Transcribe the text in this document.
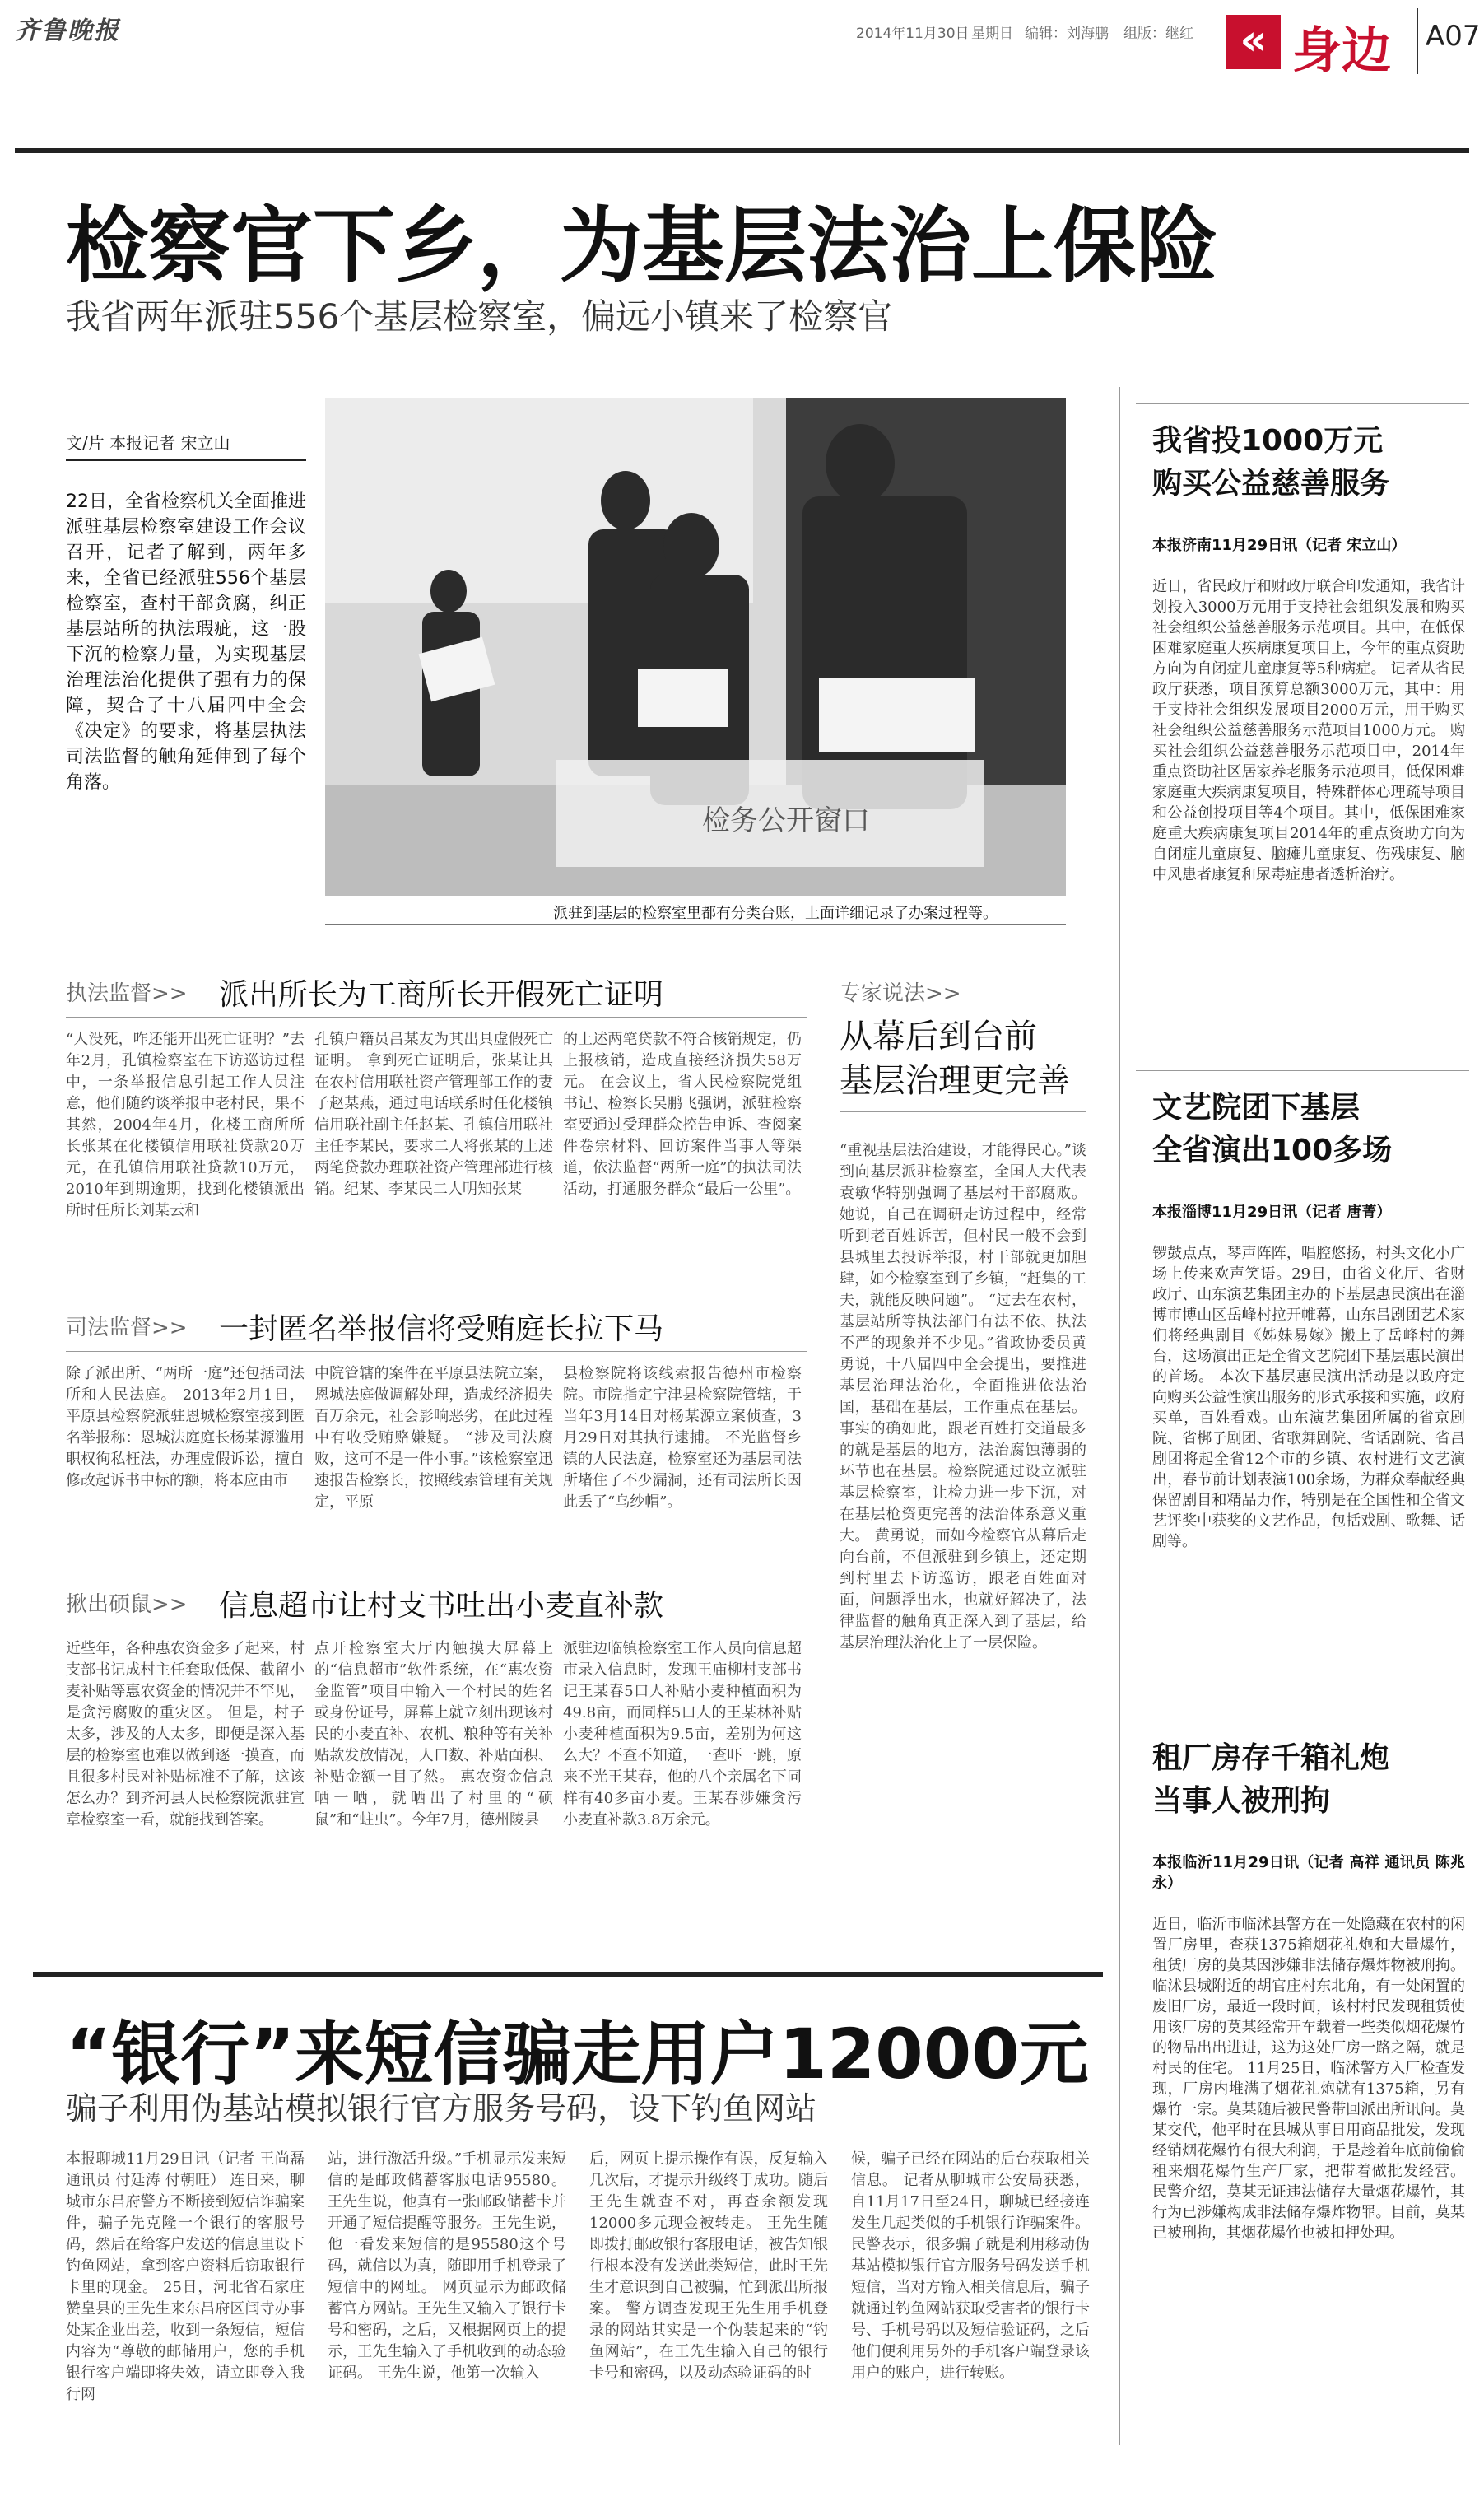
齐鲁晚报	2014年11月30日 星期日 编辑：刘海鹏 组版：继红	« 身边 A07
检察官下乡，为基层法治上保险
我省两年派驻556个基层检察室，偏远小镇来了检察官
文/片 本报记者 宋立山
22日，全省检察机关全面推进派驻基层检察室建设工作会议召开，记者了解到，两年多来，全省已经派驻556个基层检察室，查村干部贪腐，纠正基层站所的执法瑕疵，这一股下沉的检察力量，为实现基层治理法治化提供了强有力的保障，契合了十八届四中全会《决定》的要求，将基层执法司法监督的触角延伸到了每个角落。
检务公开窗口
派驻到基层的检察室里都有分类台账，上面详细记录了办案过程等。
执法监督>> 派出所长为工商所长开假死亡证明
“人没死，咋还能开出死亡证明？”去年2月，孔镇检察室在下访巡访过程中，一条举报信息引起工作人员注意，他们随约谈举报中老村民，果不其然，2004年4月，化楼工商所所长张某在化楼镇信用联社贷款20万元，在孔镇信用联社贷款10万元，2010年到期逾期，找到化楼镇派出所时任所长刘某云和
孔镇户籍员吕某友为其出具虚假死亡证明。 拿到死亡证明后，张某让其在农村信用联社资产管理部工作的妻子赵某燕，通过电话联系时任化楼镇信用联社副主任赵某、孔镇信用联社主任李某民，要求二人将张某的上述两笔贷款办理联社资产管理部进行核销。纪某、李某民二人明知张某
的上述两笔贷款不符合核销规定，仍上报核销，造成直接经济损失58万元。 在会议上，省人民检察院党组书记、检察长吴鹏飞强调，派驻检察室要通过受理群众控告申诉、查阅案件卷宗材料、回访案件当事人等渠道，依法监督“两所一庭”的执法司法活动，打通服务群众“最后一公里”。
司法监督>> 一封匿名举报信将受贿庭长拉下马
除了派出所、“两所一庭”还包括司法所和人民法庭。 2013年2月1日，平原县检察院派驻恩城检察室接到匿名举报称：恩城法庭庭长杨某源滥用职权徇私枉法，办理虚假诉讼，擅自修改起诉书中标的额，将本应由市
中院管辖的案件在平原县法院立案，恩城法庭做调解处理，造成经济损失百万余元，社会影响恶劣，在此过程中有收受贿赂嫌疑。 “涉及司法腐败，这可不是一件小事。”该检察室迅速报告检察长，按照线索管理有关规定，平原
县检察院将该线索报告德州市检察院。市院指定宁津县检察院管辖，于当年3月14日对杨某源立案侦查，3月29日对其执行逮捕。 不光监督乡镇的人民法庭，检察室还为基层司法所堵住了不少漏洞，还有司法所长因此丢了“乌纱帽”。
揪出硕鼠>> 信息超市让村支书吐出小麦直补款
近些年，各种惠农资金多了起来，村支部书记成村主任套取低保、截留小麦补贴等惠农资金的情况并不罕见，是贪污腐败的重灾区。 但是，村子太多，涉及的人太多，即便是深入基层的检察室也难以做到逐一摸查，而且很多村民对补贴标准不了解，这该怎么办？到齐河县人民检察院派驻宣章检察室一看，就能找到答案。
点开检察室大厅内触摸大屏幕上的“信息超市”软件系统，在“惠农资金监管”项目中输入一个村民的姓名或身份证号，屏幕上就立刻出现该村民的小麦直补、农机、粮种等有关补贴款发放情况，人口数、补贴面积、补贴金额一目了然。 惠农资金信息晒一晒，就晒出了村里的“硕鼠”和“蛀虫”。今年7月，德州陵县
派驻边临镇检察室工作人员向信息超市录入信息时，发现王庙柳村支部书记王某春5口人补贴小麦种植面积为49.8亩，而同样5口人的王某林补贴小麦种植面积为9.5亩，差别为何这么大？不查不知道，一查吓一跳，原来不光王某春，他的八个亲属名下同样有40多亩小麦。王某春涉嫌贪污小麦直补款3.8万余元。
专家说法>>
从幕后到台前
基层治理更完善
“重视基层法治建设，才能得民心。”谈到向基层派驻检察室，全国人大代表袁敏华特别强调了基层村干部腐败。她说，自己在调研走访过程中，经常听到老百姓诉苦，但村民一般不会到县城里去投诉举报，村干部就更加胆肆，如今检察室到了乡镇，“赶集的工夫，就能反映问题”。 “过去在农村，基层站所等执法部门有法不依、执法不严的现象并不少见。”省政协委员黄勇说，十八届四中全会提出，要推进基层治理法治化，全面推进依法治国，基础在基层，工作重点在基层。事实的确如此，跟老百姓打交道最多的就是基层的地方，法治腐蚀薄弱的环节也在基层。检察院通过设立派驻基层检察室，让检力进一步下沉，对在基层枪资更完善的法治体系意义重大。 黄勇说，而如今检察官从幕后走向台前，不但派驻到乡镇上，还定期到村里去下访巡访，跟老百姓面对面，问题浮出水，也就好解决了，法律监督的触角真正深入到了基层，给基层治理法治化上了一层保险。
我省投1000万元
购买公益慈善服务
本报济南11月29日讯（记者 宋立山）
近日，省民政厅和财政厅联合印发通知，我省计划投入3000万元用于支持社会组织发展和购买社会组织公益慈善服务示范项目。其中，在低保困难家庭重大疾病康复项目上，今年的重点资助方向为自闭症儿童康复等5种病症。 记者从省民政厅获悉，项目预算总额3000万元，其中：用于支持社会组织发展项目2000万元，用于购买社会组织公益慈善服务示范项目1000万元。 购买社会组织公益慈善服务示范项目中，2014年重点资助社区居家养老服务示范项目，低保困难家庭重大疾病康复项目，特殊群体心理疏导项目和公益创投项目等4个项目。其中，低保困难家庭重大疾病康复项目2014年的重点资助方向为自闭症儿童康复、脑瘫儿童康复、伤残康复、脑中风患者康复和尿毒症患者透析治疗。
文艺院团下基层
全省演出100多场
本报淄博11月29日讯（记者 唐菁）
锣鼓点点，琴声阵阵，唱腔悠扬，村头文化小广场上传来欢声笑语。29日，由省文化厅、省财政厅、山东演艺集团主办的下基层惠民演出在淄博市博山区岳峰村拉开帷幕，山东吕剧团艺术家们将经典剧目《姊妹易嫁》搬上了岳峰村的舞台，这场演出正是全省文艺院团下基层惠民演出的首场。 本次下基层惠民演出活动是以政府定向购买公益性演出服务的形式承接和实施，政府买单，百姓看戏。山东演艺集团所属的省京剧院、省梆子剧团、省歌舞剧院、省话剧院、省吕剧团将起全省12个市的乡镇、农村进行文艺演出，春节前计划表演100余场，为群众奉献经典保留剧目和精品力作，特别是在全国性和全省文艺评奖中获奖的文艺作品，包括戏剧、歌舞、话剧等。
租厂房存千箱礼炮
当事人被刑拘
本报临沂11月29日讯（记者 高祥 通讯员 陈兆永）
近日，临沂市临沭县警方在一处隐藏在农村的闲置厂房里，查获1375箱烟花礼炮和大量爆竹，租赁厂房的莫某因涉嫌非法储存爆炸物被刑拘。 临沭县城附近的胡官庄村东北角，有一处闲置的废旧厂房，最近一段时间，该村村民发现租赁使用该厂房的莫某经常开车载着一些类似烟花爆竹的物品出出进进，这为这处厂房一路之隔，就是村民的住宅。 11月25日，临沭警方入厂检查发现，厂房内堆满了烟花礼炮就有1375箱，另有爆竹一宗。莫某随后被民警带回派出所讯问。莫某交代，他平时在县城从事日用商品批发，发现经销烟花爆竹有很大利润，于是趁着年底前偷偷租来烟花爆竹生产厂家，把带着做批发经营。 民警介绍，莫某无证违法储存大量烟花爆竹，其行为已涉嫌构成非法储存爆炸物罪。目前，莫某已被刑拘，其烟花爆竹也被扣押处理。
“银行”来短信骗走用户12000元
骗子利用伪基站模拟银行官方服务号码，设下钓鱼网站
本报聊城11月29日讯（记者 王尚磊 通讯员 付廷涛 付朝旺） 连日来，聊城市东昌府警方不断接到短信诈骗案件，骗子先克隆一个银行的客服号码，然后在给客户发送的信息里设下钓鱼网站，拿到客户资料后窃取银行卡里的现金。 25日，河北省石家庄赞皇县的王先生来东昌府区闫寺办事处某企业出差，收到一条短信，短信内容为“尊敬的邮储用户，您的手机银行客户端即将失效，请立即登入我行网
站，进行激活升级。”手机显示发来短信的是邮政储蓄客服电话95580。 王先生说，他真有一张邮政储蓄卡并开通了短信提醒等服务。王先生说，他一看发来短信的是95580这个号码，就信以为真，随即用手机登录了短信中的网址。 网页显示为邮政储蓄官方网站。王先生又输入了银行卡号和密码，之后，又根据网页上的提示，王先生输入了手机收到的动态验证码。 王先生说，他第一次输入
后，网页上提示操作有误，反复输入几次后，才提示升级终于成功。随后王先生就查不对，再查余额发现12000多元现金被转走。 王先生随即拨打邮政银行客服电话，被告知银行根本没有发送此类短信，此时王先生才意识到自己被骗，忙到派出所报案。 警方调查发现王先生用手机登录的网站其实是一个伪装起来的“钓鱼网站”，在王先生输入自己的银行卡号和密码，以及动态验证码的时
候，骗子已经在网站的后台获取相关信息。 记者从聊城市公安局获悉，自11月17日至24日，聊城已经接连发生几起类似的手机银行诈骗案件。 民警表示，很多骗子就是利用移动伪基站模拟银行官方服务号码发送手机短信，当对方输入相关信息后，骗子就通过钓鱼网站获取受害者的银行卡号、手机号码以及短信验证码，之后他们便利用另外的手机客户端登录该用户的账户，进行转账。
